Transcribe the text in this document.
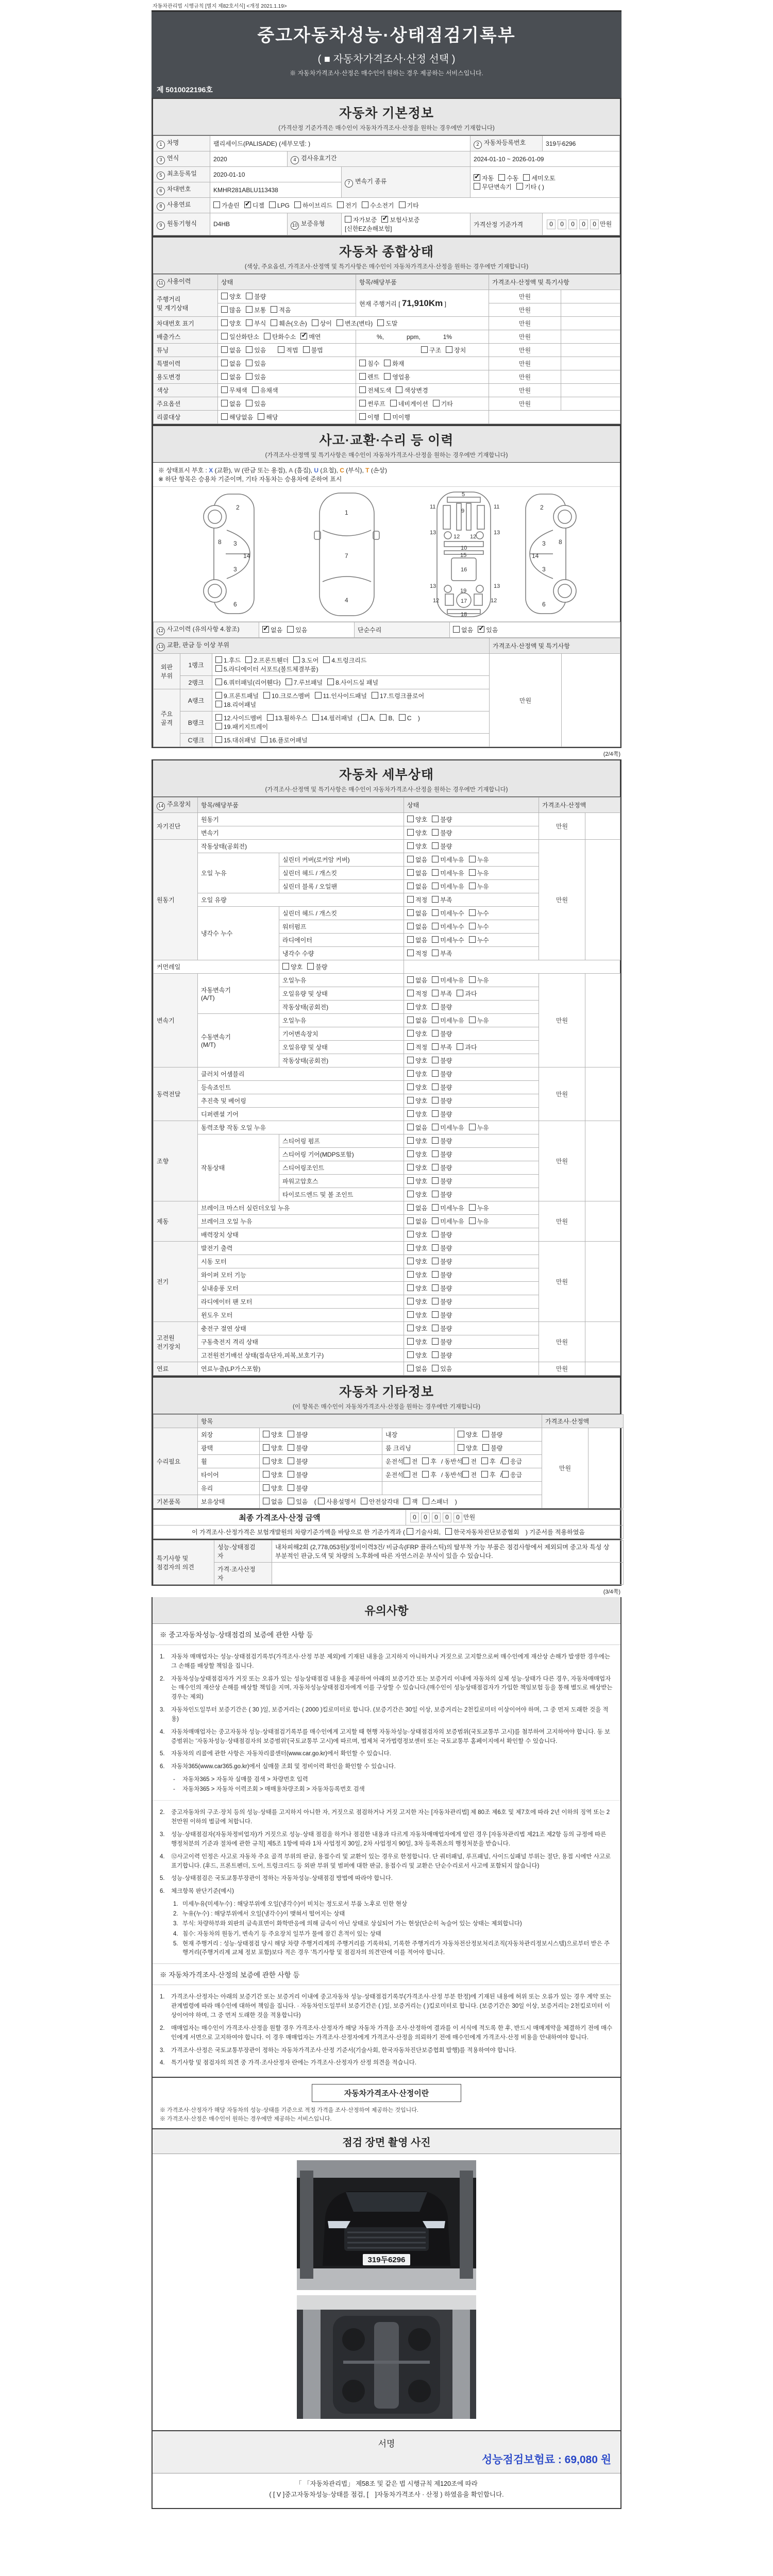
자동차관리법 시행규칙 [별지 제82호서식] <개정 2021.1.19>
중고자동차성능·상태점검기록부
( ■ 자동차가격조사·산정 선택 )
※ 자동차가격조사·산정은 매수인이 원하는 경우 제공하는 서비스입니다.
제 5010022196호
자동차 기본정보
(가격산정 기준가격은 매수인이 자동차가격조사·산정을 원하는 경우에만 기재합니다)
1 차명	팰리세이드(PALISADE) (세부모델: )			2 자동차등록번호	319두6296
3 연식	2020	4 검사유효기간		2024-01-10 ~ 2026-01-09	
5 최초등록일	2020-01-10		7 변속기 종류	✓자동 수동 세미오토
무단변속기 기타 ( )
6 차대번호	KMHR281ABLU113438				
8 사용연료	가솔린 ✓ 디젤 LPG 하이브리드 전기 수소전기 기타
9 원동기형식	D4HB	10 보증유형	자가보증 ✓ 보험사보증[신한EZ손해보험]	가격산정 기준가격	0 0 0 0 0 만원
자동차 종합상태
(색상, 주요옵션, 가격조사·산정액 및 특기사항은 매수인이 자동차가격조사·산정을 원하는 경우에만 기재합니다)
11 사용이력	상태	항목/해당부품	가격조사·산정액 및 특기사항	
주행거리
및 계기상태	양호 불량	현재 주행거리 [ 71,910Km ]	만원	
	많음 보통 적음		만원	
차대번호 표기	양호 부식 훼손(오손) 상이 변조(변타) 도말		만원	
배출가스	일산화탄소 탄화수소 ✓ 매연	%, ppm, 1%	만원	
튜닝	없음 있음 적법 불법	구조 장치	만원	
특별이력	없음 있음	침수 화재	만원	
용도변경	없음 있음	렌트 영업용	만원	
색상	무채색 유채색	전체도색 색상변경	만원	
주요옵션	없음 있음	썬루프 네비게이션 기타	만원	
리콜대상	해당없음 해당	이행 미이행		
사고·교환·수리 등 이력
(가격조사·산정액 및 특기사항은 매수인이 자동차가격조사·산정을 원하는 경우에만 기재합니다)
※ 상태표시 부호 : X (교환), W (판금 또는 용접), A (흠집), U (요철), C (부식), T (손상)
※ 하단 항목은 승용차 기준이며, 기타 자동차는 승용차에 준하여 표시
2
8 3
14
3
6
1
7
4
5
9
11	11
13	13
12 12
10
15
16
13	13
19
12	12
17
18
2
8
3
14
3
6
12 사고이력 (유의사항 4.참조)	✓없음 있음	단순수리	없음 ✓ 있음
13 교환, 판금 등 이상 부위			가격조사·산정액 및 특기사항	
외판
부위	1랭크	1.후드 2.프론트휀더 3.도어 4.트렁크리드
5.라디에이터 서포트(볼트체결부품)	만원	
	2랭크	6.쿼터패널(리어휀다) 7.루브패널 8.사이드실 패널		
주요
골격	A랭크	9.프론트패널 10.크로스멤버 11.인사이드패널 17.트렁크플로어
18.리어패널		
	B랭크	12.사이드멤버 13.휠하우스 14.필러패널 ( A, B, C )
19.패키지트레이		
	C랭크	15.대쉬패널 16.플로어패널		
(2/4쪽)
자동차 세부상태
(가격조사·산정액 및 특기사항은 매수인이 자동차가격조사·산정을 원하는 경우에만 기재합니다)
14 주요장치	항목/해당부품		상태	가격조사·산정액	
자기진단	원동기		양호 불량	만원	
	변속기		양호 불량		
원동기	작동상태(공회전)		양호 불량	만원	
	오일 누유	실린더 커버(로커암 커버)	없음 미세누유 누유		
		실린더 헤드 / 개스킷	없음 미세누유 누유		
		실린더 블록 / 오일팬	없음 미세누유 누유		
	오일 유량		적정 부족		
	냉각수 누수	실린더 헤드 / 개스킷	없음 미세누수 누수		
		워터펌프	없음 미세누수 누수		
		라디에이터	없음 미세누수 누수		
		냉각수 수량	적정 부족		
커먼레일		양호 불량			
변속기	자동변속기
(A/T)	오일누유	없음 미세누유 누유	만원	
		오일유량 및 상태	적정 부족 과다		
		작동상태(공회전)	양호 불량		
	수동변속기
(M/T)	오일누유	없음 미세누유 누유		
		기어변속장치	양호 불량		
		오일유량 및 상태	적정 부족 과다		
		작동상태(공회전)	양호 불량		
동력전달	클러치 어셈블리		양호 불량	만원	
	등속죠인트		양호 불량		
	추진축 및 베어링		양호 불량		
	디퍼렌셜 기어		양호 불량		
조향	동력조향 작동 오일 누유		없음 미세누유 누유	만원	
	작동상태	스티어링 펌프	양호 불량		
		스티어링 기어(MDPS포함)	양호 불량		
		스티어링조인트	양호 불량		
		파워고압호스	양호 불량		
		타이로드엔드 및 볼 조인트	양호 불량		
제동	브레이크 마스터 실린더오일 누유		없음 미세누유 누유	만원	
	브레이크 오일 누유		없음 미세누유 누유		
	배력장치 상태		양호 불량		
전기	발전기 출력		양호 불량	만원	
	시동 모터		양호 불량		
	와이퍼 모터 기능		양호 불량		
	실내송풍 모터		양호 불량		
	라디에이터 팬 모터		양호 불량		
	윈도우 모터		양호 불량		
고전원
전기장치	충전구 절연 상태		양호 불량	만원	
	구동축전지 격리 상태		양호 불량		
	고전원전기배선 상태(접속단자,피복,보호기구)		양호 불량		
연료	연료누출(LP가스포함)		없음 있음	만원	
자동차 기타정보
(이 항목은 매수인이 자동차가격조사·산정을 원하는 경우에만 기재합니다)
	항목				가격조사·산정액	
수리필요	외장	양호 불량	내장	양호 불량	만원	
	광택	양호 불량	룸 크리닝	양호 불량		
	휠	양호 불량	운전석 전 후 / 동반석 전 후 / 응급			
	타이어	양호 불량	운전석 전 후 / 동반석 전 후 / 응급			
	유리	양호 불량				
기본품목	보유상태	없음 있음 ( 사용설명서 안전삼각대 잭 스패너 )				
최종 가격조사·산정 금액	0 0 0 0 0 만원
이 가격조사·산정가격은 보험개발원의 차량기준가액을 바탕으로 한 기준가격과 ( 기술사회, 한국자동차진단보증협회 ) 기준서를 적용하였음
특기사항 및
점검자의 의견	성능·상태점검
자	내차피해2회 (2,778,053원)/정비이력3건/ 비금속(FRP 플라스틱)의 탈부착 가능 부품은 점검사항에서 제외되며 중고차 특성 상 부분적인 판금,도색 및 차량의 노후화에 따른 자연스러운 부식이 있을 수 있습니다.
	가격·조사산정
자	
(3/4쪽)
유의사항
※ 중고자동차성능·상태점검의 보증에 관한 사항 등
1.	자동차 매매업자는 성능·상태점검기록부(가격조사·산정 부분 제외)에 기재된 내용을 고지하지 아니하거나 거짓으로 고지함으로써 매수인에게 재산상 손해가 발생한 경우에는 그 손해를 배상할 책임을 집니다.
2.	자동차성능상태점검자가 거짓 또는 오류가 있는 성능상태점검 내용을 제공하여 아래의 보증기간 또는 보증거리 이내에 자동차의 실제 성능·상태가 다른 경우, 자동차매매업자는 매수인의 재산상 손해를 배상할 책임을 지며, 자동차성능상태점검자에게 이를 구상할 수 있습니다.(매수인이 성능상태점검자가 가입한 책임보험 등을 통해 별도로 배상받는 경우는 제외)
3.	자동차인도일부터 보증기간은 ( 30 )일, 보증거리는 ( 2000 )킬로미터로 합니다. (보증기간은 30일 이상, 보증거리는 2천킬로미터 이상이어야 하며, 그 중 먼저 도래한 것을 적용)
4.	자동차매매업자는 중고자동차 성능·상태점검기록부를 매수인에게 고지할 때 현행 자동차성능·상태점검자의 보증범위(국토교통부 고시)를 첨부하여 고지하여야 합니다. 동 보증범위는 '자동차성능·상태점검자의 보증범위'(국토교통부 고시)에 따르며, 법제처 국가법령정보센터 또는 국토교통부 홈페이지에서 확인할 수 있습니다.
5.	자동차의 리콜에 관한 사항은 자동차리콜센터(www.car.go.kr)에서 확인할 수 있습니다.
6.	자동차365(www.car365.go.kr)에서 실매물 조회 및 정비이력 확인을 확인할 수 있습니다.
-	자동차365 > 자동차 실매물 검색 > 차량번호 입력
-	자동차365 > 자동차 이력조회 > 매매용차량조회 > 자동차등록번호 검색
2.	중고자동차의 구조·장치 등의 성능·상태를 고지하지 아니한 자, 거짓으로 점검하거나 거짓 고지한 자는 [자동차관리법] 제 80조 제6호 및 제7호에 따라 2년 이하의 징역 또는 2천만원 이하의 벌금에 처합니다.
3.	성능·상태점검자(자동차정비업자)가 거짓으로 성능·상태 점검을 하거나 점검한 내용과 다르게 자동차매매업자에게 알린 경우 [자동차관리법 제21조 제2항 등의 규정에 따른 행정처분의 기준과 절차에 관한 규칙] 제5조 1항에 따라 1차 사업정지 30일, 2차 사업정지 90일, 3차 등록취소의 행정처분을 받습니다.
4.	⑫사고이력 인정은 사고로 자동차 주요 골격 부위의 판금, 용접수리 및 교환이 있는 경우로 한정합니다. 단 쿼터패널, 루프패널, 사이드실패널 부위는 절단, 용접 시에만 사고로 표기합니다. (후드, 프론트펜더, 도어, 트렁크리드 등 외판 부위 및 범퍼에 대한 판금, 용접수리 및 교환은 단순수리로서 사고에 포함되지 않습니다)
5.	성능·상태점검은 국토교통부장관이 정하는 자동차성능·상태점검 방법에 따라야 합니다.
6.	체크항목 판단기준(예시)
1. 미세누유(미세누수) : 해당부위에 오일(냉각수)이 비치는 정도로서 부품 노후로 인한 현상
2. 누유(누수) : 해당부위에서 오일(냉각수)이 맺혀서 떨어지는 상태
3. 부식: 차량하부와 외판의 금속표면이 화학반응에 의해 금속이 아닌 상태로 상실되어 가는 현상(단순히 녹슬어 있는 상태는 제외합니다)
4. 침수: 자동차의 원동기, 변속기 등 주요장치 일부가 물에 잠긴 흔적이 있는 상태
5. 현재 주행거리 : 성능·상태점검 당시 해당 차량 주행거리계의 주행거리를 기록하되, 기록한 주행거리가 자동차전산정보처리조직(자동차관리정보시스템)으로부터 받은 주행거리(주행거리계 교체 정보 포함)보다 적은 경우 '특기사항 및 점검자의 의견'란에 이를 적어야 합니다.
※ 자동차가격조사·산정의 보증에 관한 사항 등
1.	가격조사·산정자는 아래의 보증기간 또는 보증거리 이내에 중고자동차 성능·상태점검기록부(가격조사·산정 부분 한정)에 기재된 내용에 허위 또는 오류가 있는 경우 계약 또는 관계법령에 따라 매수인에 대하여 책임을 집니다. · 자동차인도일부터 보증기간은 ( )일, 보증거리는 ( )킬로미터로 합니다. (보증기간은 30일 이상, 보증거리는 2천킬로미터 이상이어야 하며, 그 중 먼저 도래한 것을 적용합니다)
2.	매매업자는 매수인이 가격조사·산정을 원할 경우 가격조사·산정자가 해당 자동차 가격을 조사·산정하여 결과를 이 서식에 적도록 한 후, 반드시 매매계약을 체결하기 전에 매수인에게 서면으로 고지하여야 합니다. 이 경우 매매업자는 가격조사·산정자에게 가격조사·산정을 의뢰하기 전에 매수인에게 가격조사·산정 비용을 안내하여야 합니다.
3.	가격조사·산정은 국토교통부장관이 정하는 자동차가격조사·산정 기준서(기술사회, 한국자동차진단보증협회 발행)를 적용하여야 합니다.
4.	특기사항 및 점검자의 의견 중 가격·조사산정자 란에는 가격조사·산정자가 산정 의견을 적습니다.
자동차가격조사·산정이란
※ 가격조사·산정자가 해당 자동차의 성능·상태를 기준으로 적정 가격을 조사·산정하여 제공하는 것입니다.
※ 가격조사·산정은 매수인이 원하는 경우에만 제공하는 서비스입니다.
점검 장면 촬영 사진
319두6296
서명
성능점검보험료 : 69,080 원
「 「자동차관리법」 제58조 및 같은 법 시행규칙 제120조에 따라
( [ V ]중고자동차성능·상태를 점검, [　]자동차가격조사 · 산정 ) 하였음을 확인합니다.
